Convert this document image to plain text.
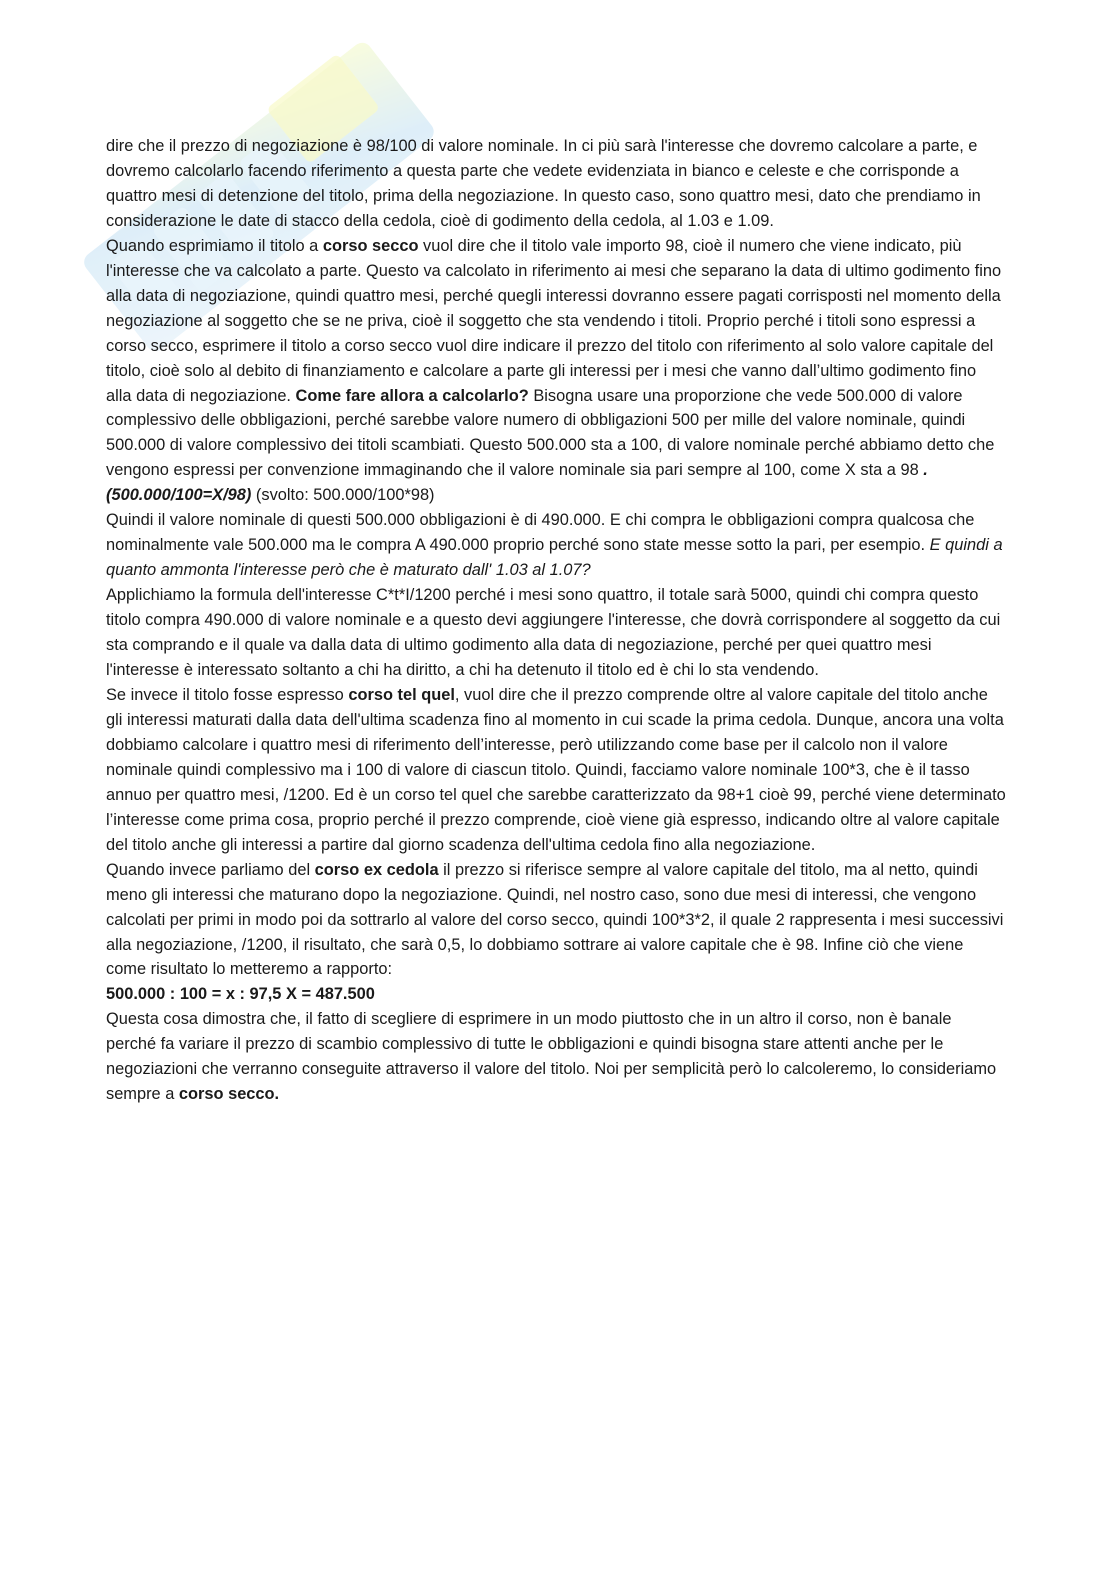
dire che il prezzo di negoziazione è 98/100 di valore nominale. In ci più sarà l'interesse che dovremo calcolare a parte, e dovremo calcolarlo facendo riferimento a questa parte che vedete evidenziata in bianco e celeste e che corrisponde a quattro mesi di detenzione del titolo, prima della negoziazione. In questo caso, sono quattro mesi, dato che prendiamo in considerazione le date di stacco della cedola, cioè di godimento della cedola, al 1.03 e 1.09.

Quando esprimiamo il titolo a corso secco vuol dire che il titolo vale importo 98, cioè il numero che viene indicato, più l'interesse che va calcolato a parte. Questo va calcolato in riferimento ai mesi che separano la data di ultimo godimento fino alla data di negoziazione, quindi quattro mesi, perché quegli interessi dovranno essere pagati corrisposti nel momento della negoziazione al soggetto che se ne priva, cioè il soggetto che sta vendendo i titoli. Proprio perché i titoli sono espressi a corso secco, esprimere il titolo a corso secco vuol dire indicare il prezzo del titolo con riferimento al solo valore capitale del titolo, cioè solo al debito di finanziamento e calcolare a parte gli interessi per i mesi che vanno dall’ultimo godimento fino alla data di negoziazione. Come fare allora a calcolarlo? Bisogna usare una proporzione che vede 500.000 di valore complessivo delle obbligazioni, perché sarebbe valore numero di obbligazioni 500 per mille del valore nominale, quindi 500.000 di valore complessivo dei titoli scambiati. Questo 500.000 sta a 100, di valore nominale perché abbiamo detto che vengono espressi per convenzione immaginando che il valore nominale sia pari sempre al 100, come X sta a 98 . (500.000/100=X/98) (svolto: 500.000/100*98)

Quindi il valore nominale di questi 500.000 obbligazioni è di 490.000. E chi compra le obbligazioni compra qualcosa che nominalmente vale 500.000 ma le compra A 490.000 proprio perché sono state messe sotto la pari, per esempio. E quindi a quanto ammonta l'interesse però che è maturato dall' 1.03 al 1.07?

Applichiamo la formula dell'interesse C*t*I/1200 perché i mesi sono quattro, il totale sarà 5000, quindi chi compra questo titolo compra 490.000 di valore nominale e a questo devi aggiungere l'interesse, che dovrà corrispondere al soggetto da cui sta comprando e il quale va dalla data di ultimo godimento alla data di negoziazione, perché per quei quattro mesi l'interesse è interessato soltanto a chi ha diritto, a chi ha detenuto il titolo ed è chi lo sta vendendo.

Se invece il titolo fosse espresso corso tel quel, vuol dire che il prezzo comprende oltre al valore capitale del titolo anche gli interessi maturati dalla data dell'ultima scadenza fino al momento in cui scade la prima cedola. Dunque, ancora una volta dobbiamo calcolare i quattro mesi di riferimento dell’interesse, però utilizzando come base per il calcolo non il valore nominale quindi complessivo ma i 100 di valore di ciascun titolo. Quindi, facciamo valore nominale 100*3, che è il tasso annuo per quattro mesi, /1200. Ed è un corso tel quel che sarebbe caratterizzato da 98+1 cioè 99, perché viene determinato l’interesse come prima cosa, proprio perché il prezzo comprende, cioè viene già espresso, indicando oltre al valore capitale del titolo anche gli interessi a partire dal giorno scadenza dell'ultima cedola fino alla negoziazione.

Quando invece parliamo del corso ex cedola il prezzo si riferisce sempre al valore capitale del titolo, ma al netto, quindi meno gli interessi che maturano dopo la negoziazione. Quindi, nel nostro caso, sono due mesi di interessi, che vengono calcolati per primi in modo poi da sottrarlo al valore del corso secco, quindi 100*3*2, il quale 2 rappresenta i mesi successivi alla negoziazione, /1200, il risultato, che sarà 0,5, lo dobbiamo sottrare ai valore capitale che è 98. Infine ciò che viene come risultato lo metteremo a rapporto:

500.000 : 100 = x : 97,5 X = 487.500

Questa cosa dimostra che, il fatto di scegliere di esprimere in un modo piuttosto che in un altro il corso, non è banale perché fa variare il prezzo di scambio complessivo di tutte le obbligazioni e quindi bisogna stare attenti anche per le negoziazioni che verranno conseguite attraverso il valore del titolo. Noi per semplicità però lo calcoleremo, lo consideriamo sempre a corso secco.
